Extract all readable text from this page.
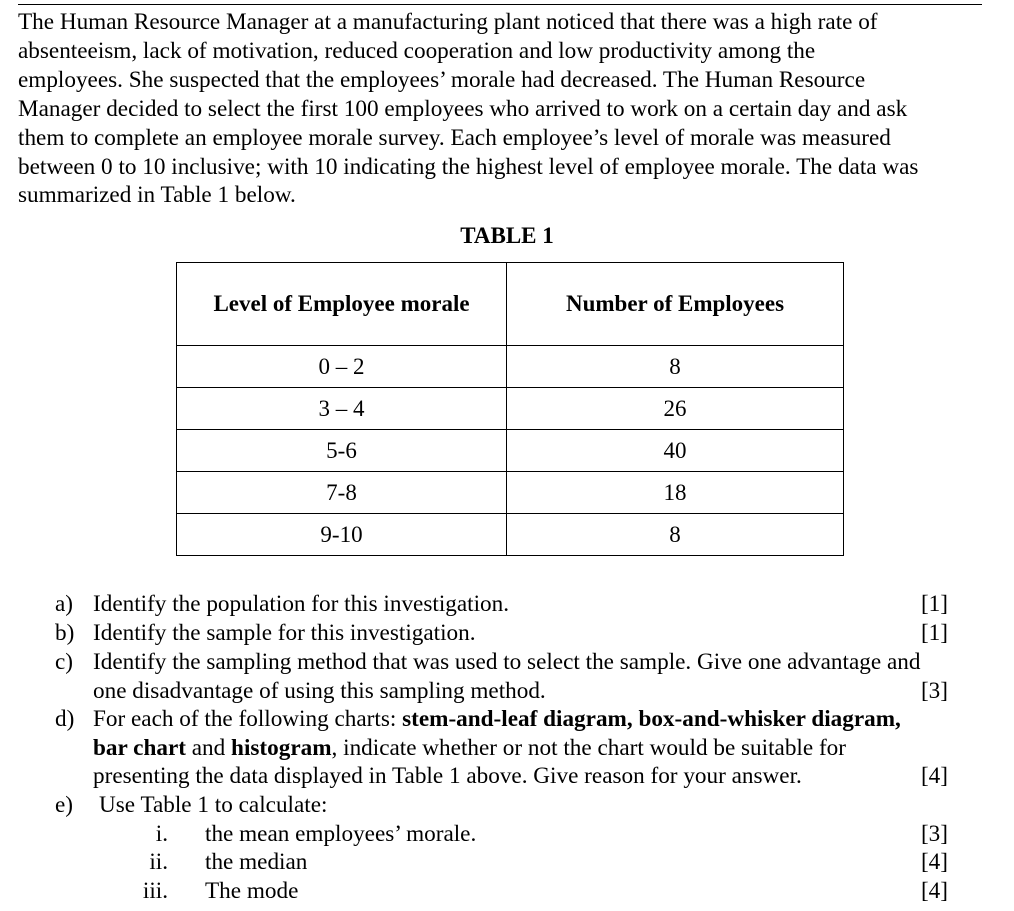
The Human Resource Manager at a manufacturing plant noticed that there was a high rate of
absenteeism, lack of motivation, reduced cooperation and low productivity among the
employees. She suspected that the employees’ morale had decreased. The Human Resource
Manager decided to select the first 100 employees who arrived to work on a certain day and ask
them to complete an employee morale survey. Each employee’s level of morale was measured
between 0 to 10 inclusive; with 10 indicating the highest level of employee morale. The data was
summarized in Table 1 below.
TABLE 1
Level of Employee morale	Number of Employees
0 – 2	8
3 – 4	26
5-6	40
7-8	18
9-10	8
a) Identify the population for this investigation.	[1]
b) Identify the sample for this investigation.	[1]
c) Identify the sampling method that was used to select the sample. Give one advantage and
one disadvantage of using this sampling method.	[3]
d) For each of the following charts: stem-and-leaf diagram, box-and-whisker diagram,
bar chart and histogram, indicate whether or not the chart would be suitable for
presenting the data displayed in Table 1 above. Give reason for your answer.	[4]
e) Use Table 1 to calculate:
i. the mean employees’ morale.	[3]
ii. the median	[4]
iii. The mode	[4]
